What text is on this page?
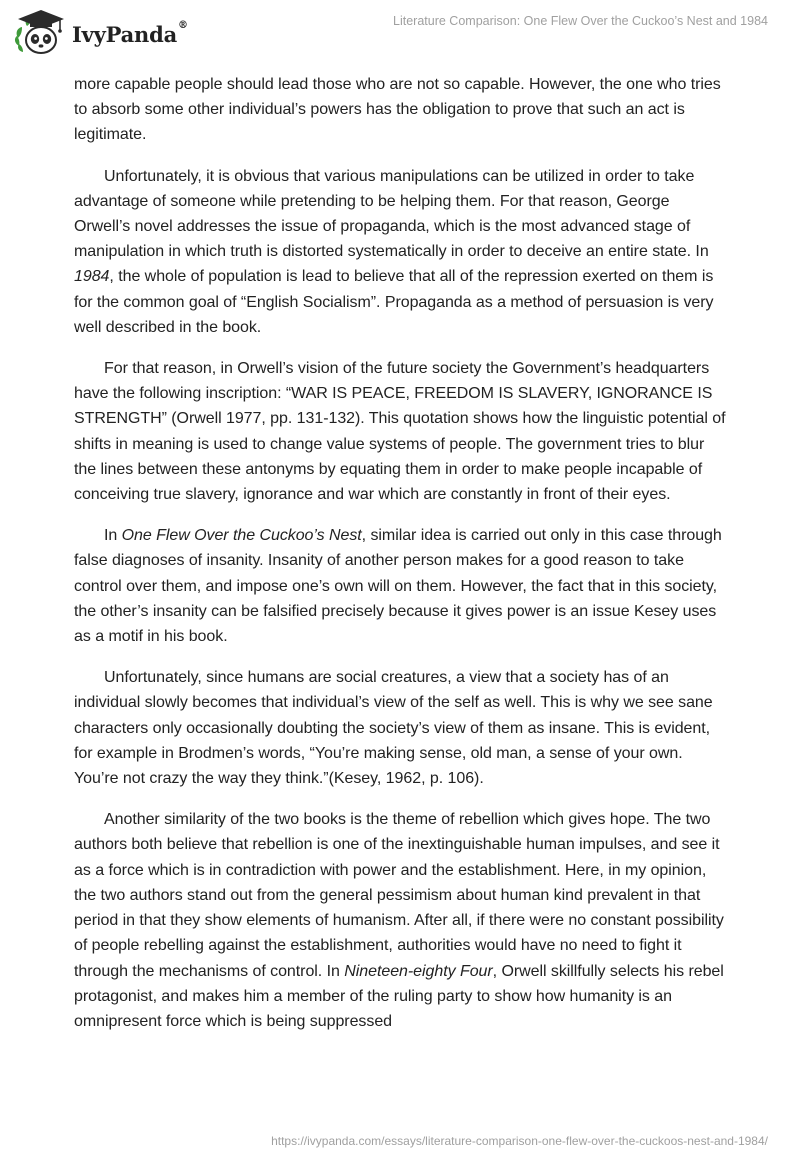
IvyPanda®	Literature Comparison: One Flew Over the Cuckoo’s Nest and 1984

more capable people should lead those who are not so capable. However, the one who tries to absorb some other individual’s powers has the obligation to prove that such an act is legitimate.

Unfortunately, it is obvious that various manipulations can be utilized in order to take advantage of someone while pretending to be helping them. For that reason, George Orwell’s novel addresses the issue of propaganda, which is the most advanced stage of manipulation in which truth is distorted systematically in order to deceive an entire state. In 1984, the whole of population is lead to believe that all of the repression exerted on them is for the common goal of “English Socialism”. Propaganda as a method of persuasion is very well described in the book.

For that reason, in Orwell’s vision of the future society the Government’s headquarters have the following inscription: “WAR IS PEACE, FREEDOM IS SLAVERY, IGNORANCE IS STRENGTH” (Orwell 1977, pp. 131-132). This quotation shows how the linguistic potential of shifts in meaning is used to change value systems of people. The government tries to blur the lines between these antonyms by equating them in order to make people incapable of conceiving true slavery, ignorance and war which are constantly in front of their eyes.

In One Flew Over the Cuckoo’s Nest, similar idea is carried out only in this case through false diagnoses of insanity. Insanity of another person makes for a good reason to take control over them, and impose one’s own will on them. However, the fact that in this society, the other’s insanity can be falsified precisely because it gives power is an issue Kesey uses as a motif in his book.

Unfortunately, since humans are social creatures, a view that a society has of an individual slowly becomes that individual’s view of the self as well. This is why we see sane characters only occasionally doubting the society’s view of them as insane. This is evident, for example in Brodmen’s words, “You’re making sense, old man, a sense of your own. You’re not crazy the way they think.”(Kesey, 1962, p. 106).

Another similarity of the two books is the theme of rebellion which gives hope. The two authors both believe that rebellion is one of the inextinguishable human impulses, and see it as a force which is in contradiction with power and the establishment. Here, in my opinion, the two authors stand out from the general pessimism about human kind prevalent in that period in that they show elements of humanism. After all, if there were no constant possibility of people rebelling against the establishment, authorities would have no need to fight it through the mechanisms of control. In Nineteen-eighty Four, Orwell skillfully selects his rebel protagonist, and makes him a member of the ruling party to show how humanity is an omnipresent force which is being suppressed

https://ivypanda.com/essays/literature-comparison-one-flew-over-the-cuckoos-nest-and-1984/
